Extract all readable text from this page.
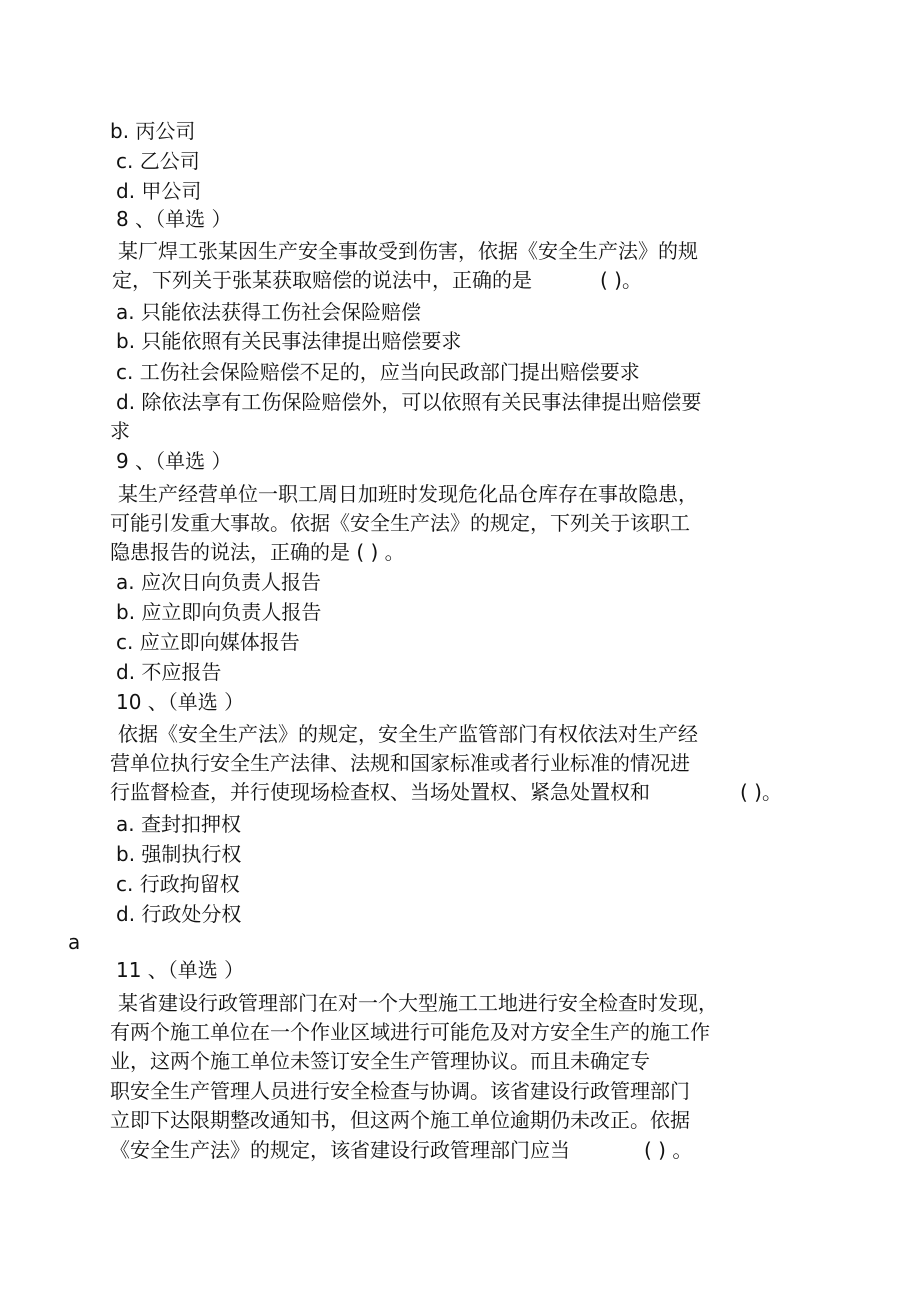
b. 丙公司
c. 乙公司
d. 甲公司
8 、（单选 ）
某厂焊工张某因生产安全事故受到伤害，依据《安全生产法》的规
定，下列关于张某获取赔偿的说法中，正确的是	( )。
a. 只能依法获得工伤社会保险赔偿
b. 只能依照有关民事法律提出赔偿要求
c. 工伤社会保险赔偿不足的，应当向民政部门提出赔偿要求
d. 除依法享有工伤保险赔偿外，可以依照有关民事法律提出赔偿要
求
9 、（单选 ）
某生产经营单位一职工周日加班时发现危化品仓库存在事故隐患，
可能引发重大事故。依据《安全生产法》的规定，下列关于该职工
隐患报告的说法，正确的是 ( ) 。
a. 应次日向负责人报告
b. 应立即向负责人报告
c. 应立即向媒体报告
d. 不应报告
10 、（单选 ）
依据《安全生产法》的规定，安全生产监管部门有权依法对生产经
营单位执行安全生产法律、法规和国家标准或者行业标准的情况进
行监督检查，并行使现场检查权、当场处置权、紧急处置权和	( )。
a. 查封扣押权
b. 强制执行权
c. 行政拘留权
d. 行政处分权
a
11 、（单选 ）
某省建设行政管理部门在对一个大型施工工地进行安全检查时发现，
有两个施工单位在一个作业区域进行可能危及对方安全生产的施工作
业，这两个施工单位未签订安全生产管理协议。而且未确定专
职安全生产管理人员进行安全检查与协调。该省建设行政管理部门
立即下达限期整改通知书，但这两个施工单位逾期仍未改正。依据
《安全生产法》的规定，该省建设行政管理部门应当	( ) 。
